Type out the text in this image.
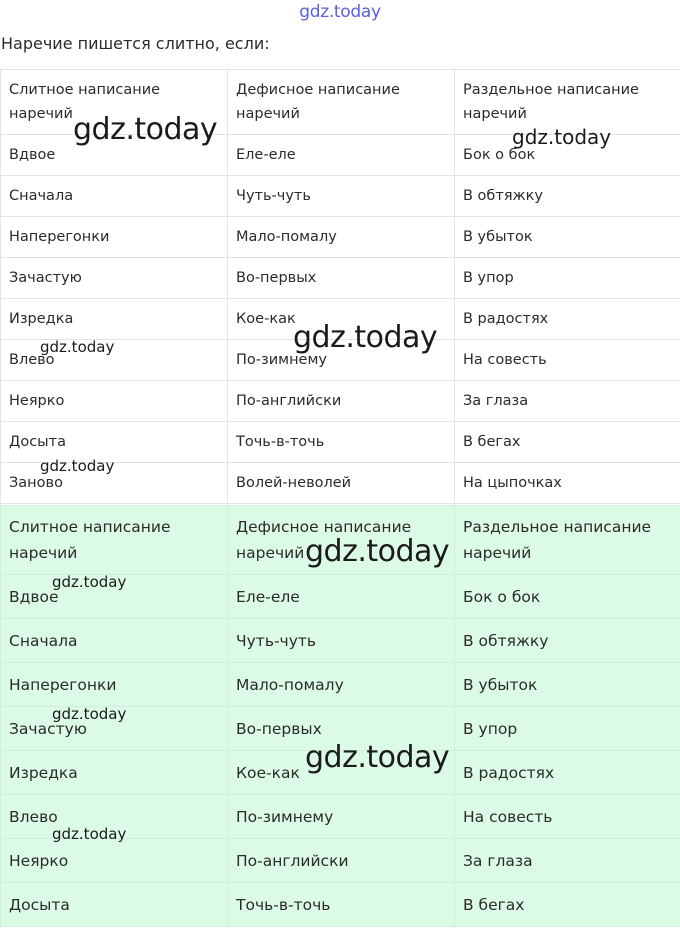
gdz.today
Наречие пишется слитно, если:
Слитное написание наречий	Дефисное написание наречий	Раздельное написание наречий
Вдвое	Еле-еле	Бок о бок
Сначала	Чуть-чуть	В обтяжку
Наперегонки	Мало-помалу	В убыток
Зачастую	Во-первых	В упор
Изредка	Кое-как	В радостях
Влево	По-зимнему	На совесть
Неярко	По-английски	За глаза
Досыта	Точь-в-точь	В бегах
Заново	Волей-неволей	На цыпочках
Слитное написание наречий	Дефисное написание наречий	Раздельное написание наречий
Вдвое	Еле-еле	Бок о бок
Сначала	Чуть-чуть	В обтяжку
Наперегонки	Мало-помалу	В убыток
Зачастую	Во-первых	В упор
Изредка	Кое-как	В радостях
Влево	По-зимнему	На совесть
Неярко	По-английски	За глаза
Досыта	Точь-в-точь	В бегах
gdz.today	gdz.today
gdz.today
gdz.today
gdz.today
gdz.today
gdz.today
gdz.today
gdz.today
gdz.today
